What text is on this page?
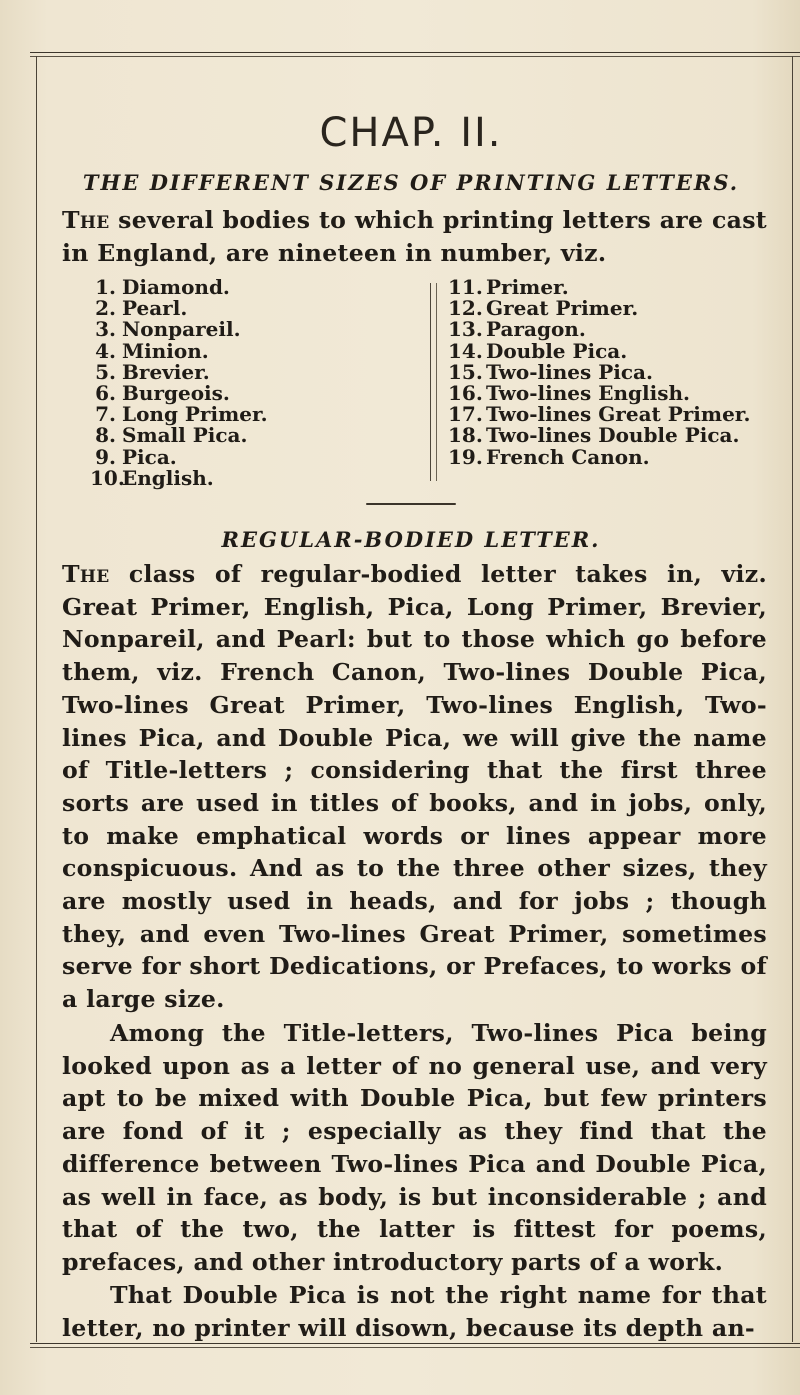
CHAP. II.
THE DIFFERENT SIZES OF PRINTING LETTERS.

The several bodies to which printing letters are cast in England, are nineteen in number, viz.

1. Diamond.
2. Pearl.
3. Nonpareil.
4. Minion.
5. Brevier.
6. Burgeois.
7. Long Primer.
8. Small Pica.
9. Pica.
10.English.
11. Primer.
12. Great Primer.
13. Paragon.
14. Double Pica.
15. Two-lines Pica.
16. Two-lines English.
17. Two-lines Great Primer.
18. Two-lines Double Pica.
19. French Canon.
REGULAR-BODIED LETTER.

The class of regular-bodied letter takes in, viz. Great Primer, English, Pica, Long Primer, Brevier, Nonpareil, and Pearl: but to those which go before them, viz. French Canon, Two-lines Double Pica, Two-lines Great Primer, Two-lines English, Two-lines Pica, and Double Pica, we will give the name of Title-letters ; considering that the first three sorts are used in titles of books, and in jobs, only, to make emphatical words or lines appear more conspicuous. And as to the three other sizes, they are mostly used in heads, and for jobs ; though they, and even Two-lines Great Primer, sometimes serve for short Dedications, or Prefaces, to works of a large size.

Among the Title-letters, Two-lines Pica being looked upon as a letter of no general use, and very apt to be mixed with Double Pica, but few printers are fond of it ; especially as they find that the difference between Two-lines Pica and Double Pica, as well in face, as body, is but inconsiderable ; and that of the two, the latter is fittest for poems, prefaces, and other introductory parts of a work.

That Double Pica is not the right name for that letter, no printer will disown, because its depth an-
